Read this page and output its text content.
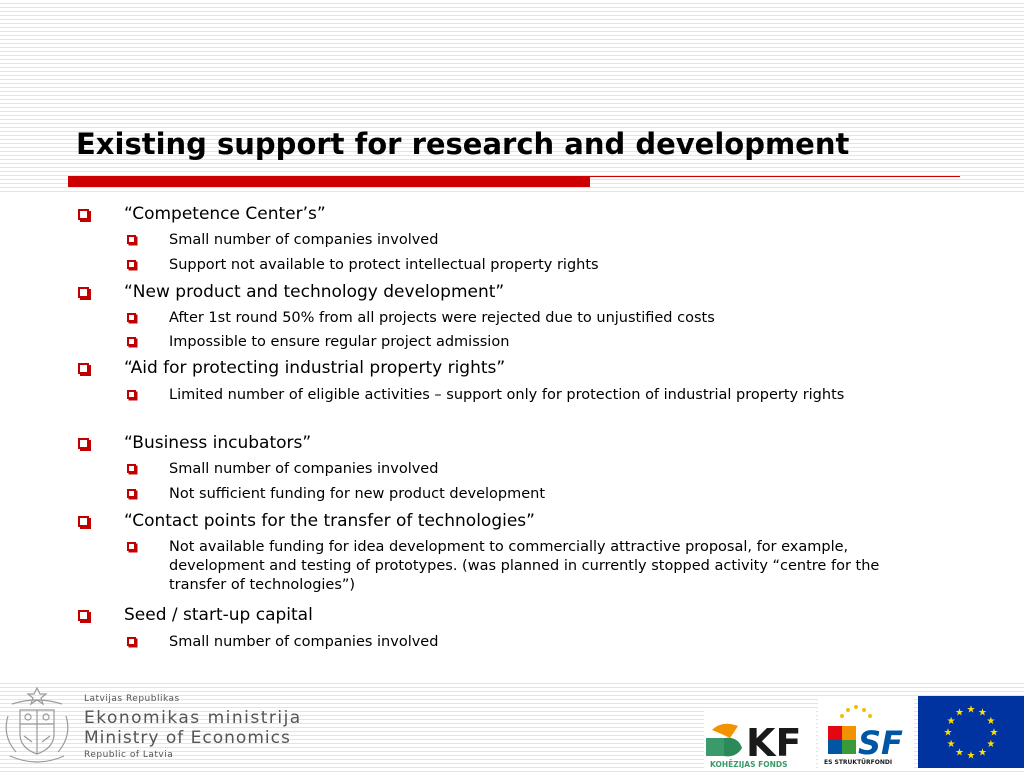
Existing support for research and development
“Competence Center’s”
Small number of companies involved
Support not available to protect intellectual property rights
“New product and technology development”
After 1st round 50% from all projects were rejected due to unjustified costs
Impossible to ensure regular project admission
“Aid for protecting industrial property rights”
Limited number of eligible activities – support only for protection of industrial property rights
“Business incubators”
Small number of companies involved
Not sufficient funding for new product development
“Contact points for the transfer of technologies”
Not available funding for idea development to commercially attractive proposal, for example, development and testing of prototypes. (was planned in currently stopped activity “centre for the transfer of technologies”)
Seed / start-up capital
Small number of companies involved
Latvijas Republikas
Ekonomikas ministrija
Ministry of Economics
Republic of Latvia	KF
KOHĒZIJAS FONDS
SF
ES STRUKTŪRFONDI
★ ★
★
★
★
★
★
★
★
★
★
★
